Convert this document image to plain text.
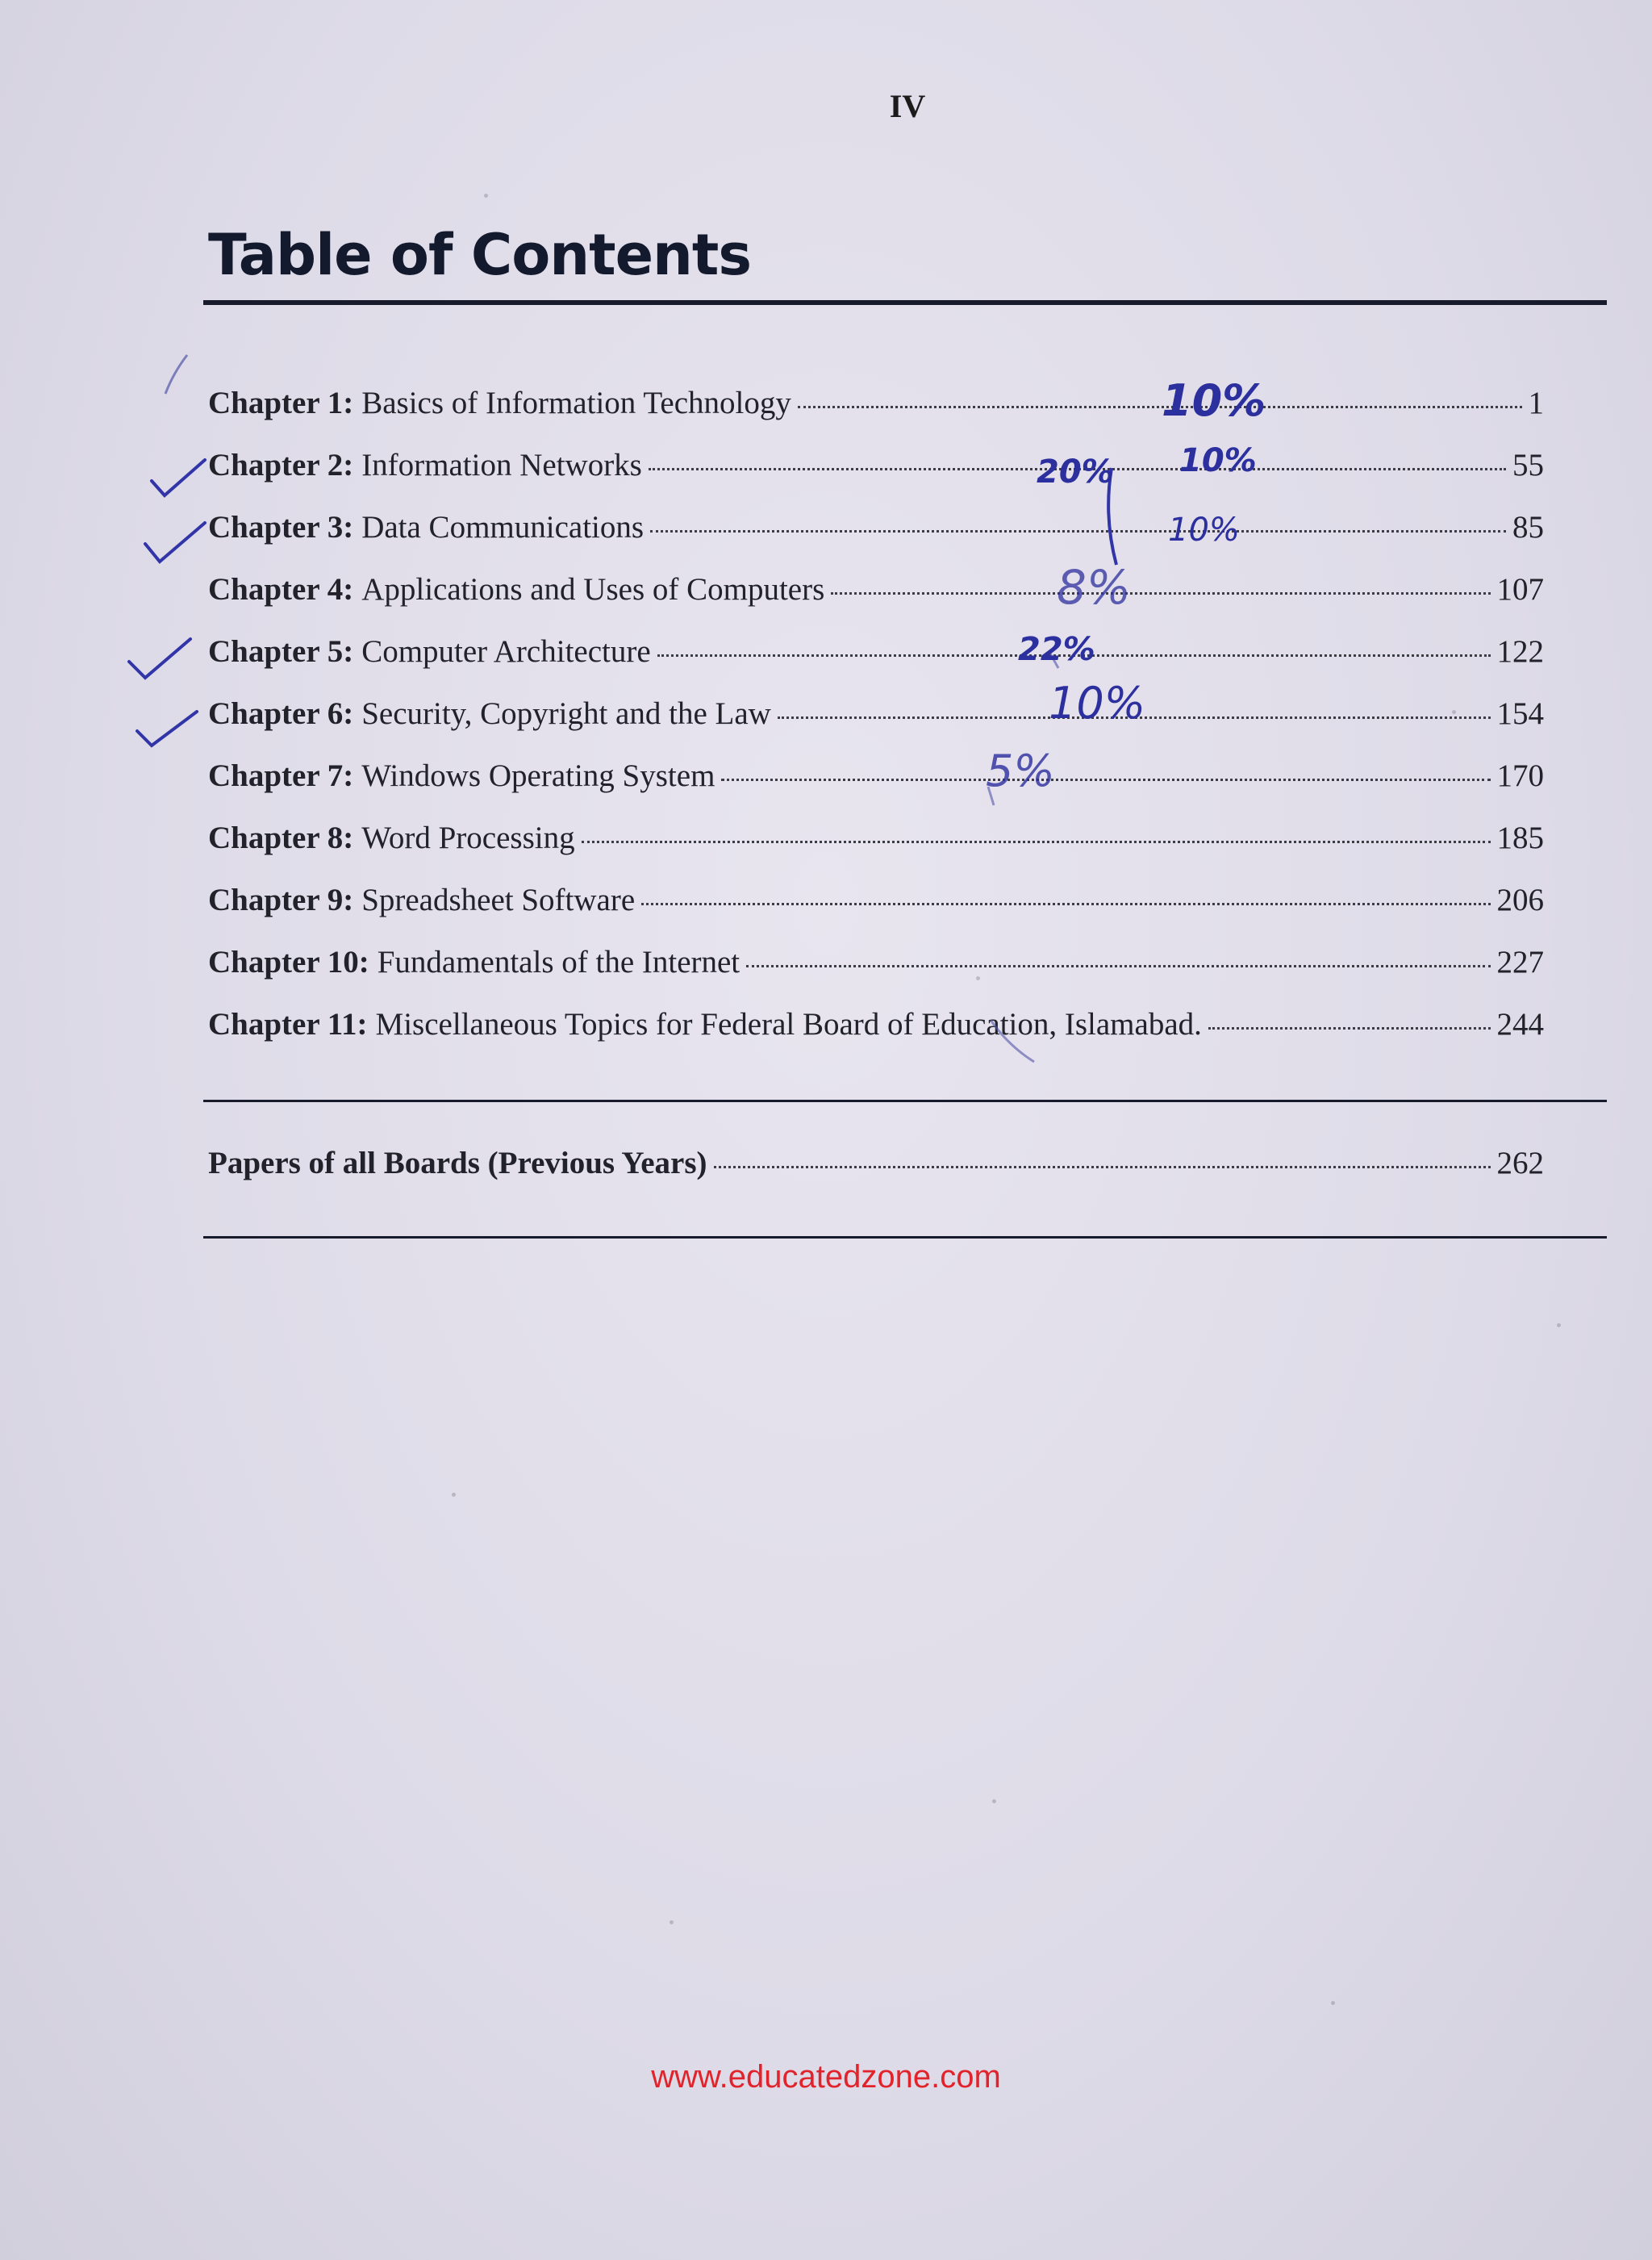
IV
Table of Contents
Chapter 1: Basics of Information Technology	1
Chapter 2: Information Networks	55
Chapter 3: Data Communications	85
Chapter 4: Applications and Uses of Computers	107
Chapter 5: Computer Architecture	122
Chapter 6: Security, Copyright and the Law	154
Chapter 7: Windows Operating System	170
Chapter 8: Word Processing	185
Chapter 9: Spreadsheet Software	206
Chapter 10: Fundamentals of the Internet	227
Chapter 11: Miscellaneous Topics for Federal Board of Education, Islamabad.	244
Papers of all Boards (Previous Years)	262
10%
20% 10%
10%
8%
22%
10%
5%
www.educatedzone.com
